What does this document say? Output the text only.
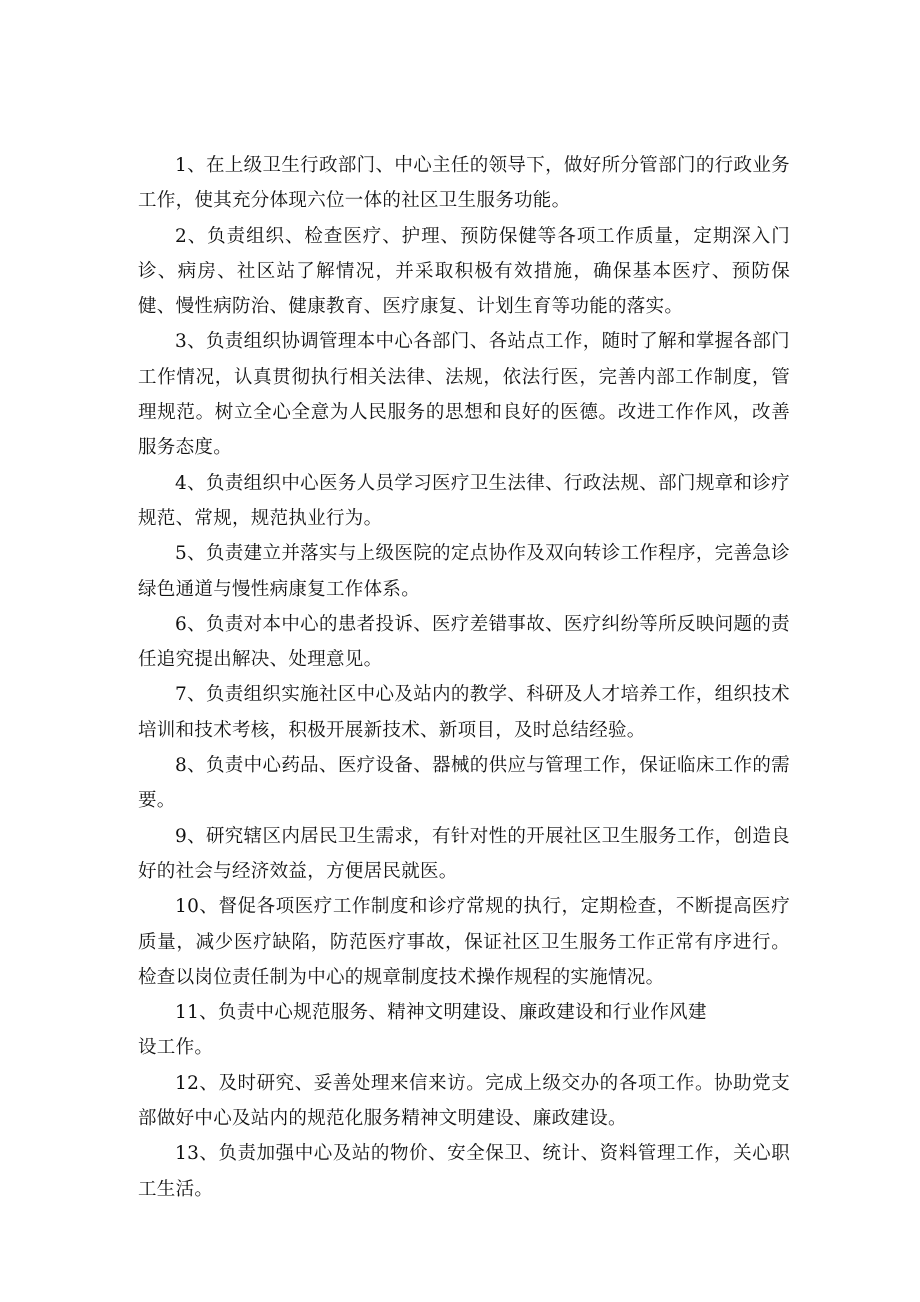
1、在上级卫生行政部门、中心主任的领导下，做好所分管部门的行政业务工作，使其充分体现六位一体的社区卫生服务功能。

2、负责组织、检查医疗、护理、预防保健等各项工作质量，定期深入门诊、病房、社区站了解情况，并采取积极有效措施，确保基本医疗、预防保健、慢性病防治、健康教育、医疗康复、计划生育等功能的落实。

3、负责组织协调管理本中心各部门、各站点工作，随时了解和掌握各部门工作情况，认真贯彻执行相关法律、法规，依法行医，完善内部工作制度，管理规范。树立全心全意为人民服务的思想和良好的医德。改进工作作风，改善服务态度。

4、负责组织中心医务人员学习医疗卫生法律、行政法规、部门规章和诊疗规范、常规，规范执业行为。

5、负责建立并落实与上级医院的定点协作及双向转诊工作程序，完善急诊绿色通道与慢性病康复工作体系。

6、负责对本中心的患者投诉、医疗差错事故、医疗纠纷等所反映问题的责任追究提出解决、处理意见。

7、负责组织实施社区中心及站内的教学、科研及人才培养工作，组织技术培训和技术考核，积极开展新技术、新项目，及时总结经验。

8、负责中心药品、医疗设备、器械的供应与管理工作，保证临床工作的需要。

9、研究辖区内居民卫生需求，有针对性的开展社区卫生服务工作，创造良好的社会与经济效益，方便居民就医。

10、督促各项医疗工作制度和诊疗常规的执行，定期检查，不断提高医疗质量，减少医疗缺陷，防范医疗事故，保证社区卫生服务工作正常有序进行。检查以岗位责任制为中心的规章制度技术操作规程的实施情况。

11、负责中心规范服务、精神文明建设、廉政建设和行业作风建
设工作。

12、及时研究、妥善处理来信来访。完成上级交办的各项工作。协助党支部做好中心及站内的规范化服务精神文明建设、廉政建设。

13、负责加强中心及站的物价、安全保卫、统计、资料管理工作，关心职工生活。
